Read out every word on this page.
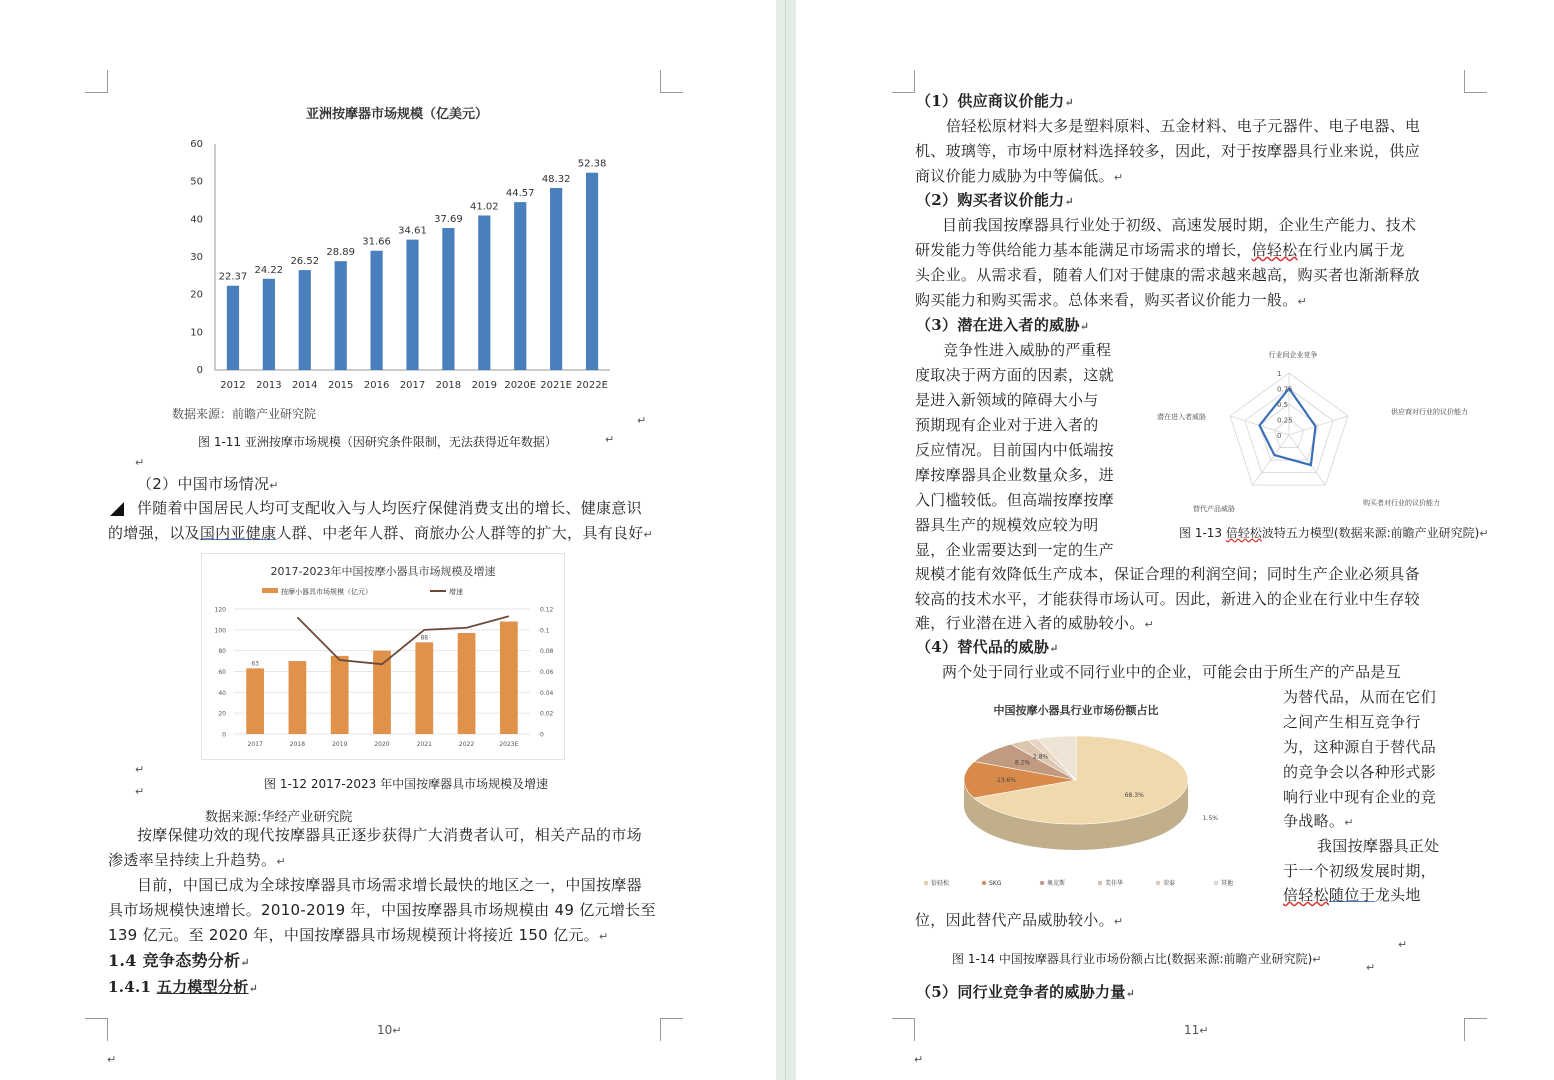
亚洲按摩器市场规模（亿美元）
0
10
20
30
40
50
60
22.37
2012
24.22
2013
26.52
2014
28.89
2015
31.66
2016
34.61
2017
37.69
2018
41.02
2019
44.57
2020E
48.32
2021E
52.38
2022E
数据来源：前瞻产业研究院	↵
图 1-11 亚洲按摩市场规模（因研究条件限制，无法获得近年数据）	↵
↵
（2）中国市场情况↵
伴随着中国居民人均可支配收入与人均医疗保健消费支出的增长、健康意识
的增强，以及国内亚健康人群、中老年人群、商旅办公人群等的扩大，具有良好↵
2017-2023年中国按摩小器具市场规模及增速
按摩小器具市场规模（亿元）	增速
0	0
20	0.02
40	0.04
60	0.06
80	0.08
100	0.1
120	0.12
2017
63
2018	2019	2020	2021
88
2022	2023E
↵
图 1-12 2017-2023 年中国按摩器具市场规模及增速
↵
数据来源:华经产业研究院
按摩保健功效的现代按摩器具正逐步获得广大消费者认可，相关产品的市场
渗透率呈持续上升趋势。↵
目前，中国已成为全球按摩器具市场需求增长最快的地区之一，中国按摩器
具市场规模快速增长。2010-2019 年，中国按摩器具市场规模由 49 亿元增长至
139 亿元。至 2020 年，中国按摩器具市场规模预计将接近 150 亿元。↵
1.4 竞争态势分析↵
1.4.1 五力模型分析↵
10↵
↵
（1）供应商议价能力↵
倍轻松原材料大多是塑料原料、五金材料、电子元器件、电子电器、电
机、玻璃等，市场中原材料选择较多，因此，对于按摩器具行业来说，供应
商议价能力威胁为中等偏低。↵
（2）购买者议价能力↵
目前我国按摩器具行业处于初级、高速发展时期，企业生产能力、技术
研发能力等供给能力基本能满足市场需求的增长，倍轻松在行业内属于龙
头企业。从需求看，随着人们对于健康的需求越来越高，购买者也渐渐释放
购买能力和购买需求。总体来看，购买者议价能力一般。↵
（3）潜在进入者的威胁↵
竞争性进入威胁的严重程
度取决于两方面的因素，这就
是进入新领域的障碍大小与
预期现有企业对于进入者的
反应情况。目前国内中低端按
摩按摩器具企业数量众多，进
入门槛较低。但高端按摩按摩
器具生产的规模效应较为明
显，企业需要达到一定的生产
1
0.75
0.5
0.25
0
行业间企业竞争
供应商对行业的议价能力
购买者对行业的议价能力
替代产品威胁
潜在进入者威胁
图 1-13 倍轻松波特五力模型(数据来源:前瞻产业研究院)↵
规模才能有效降低生产成本，保证合理的利润空间；同时生产企业必须具备
较高的技术水平，才能获得市场认可。因此，新进入的企业在行业中生存较
难，行业潜在进入者的威胁较小。↵
（4）替代品的威胁↵
两个处于同行业或不同行业中的企业，可能会由于所生产的产品是互
为替代品，从而在它们
之间产生相互竞争行
为，这种源自于替代品
的竞争会以各种形式影
响行业中现有企业的竞
争战略。↵
我国按摩器具正处
于一个初级发展时期，
倍轻松随位于龙头地
中国按摩小器具行业市场份额占比
68.3%
13.6%
8.2%
2.8%
1.5%
倍轻松	SKG	奥克斯	美佳华	荣泰	其他
位，因此替代产品威胁较小。↵
↵
图 1-14 中国按摩器具行业市场份额占比(数据来源:前瞻产业研究院)↵
↵
（5）同行业竞争者的威胁力量↵
11↵
↵
